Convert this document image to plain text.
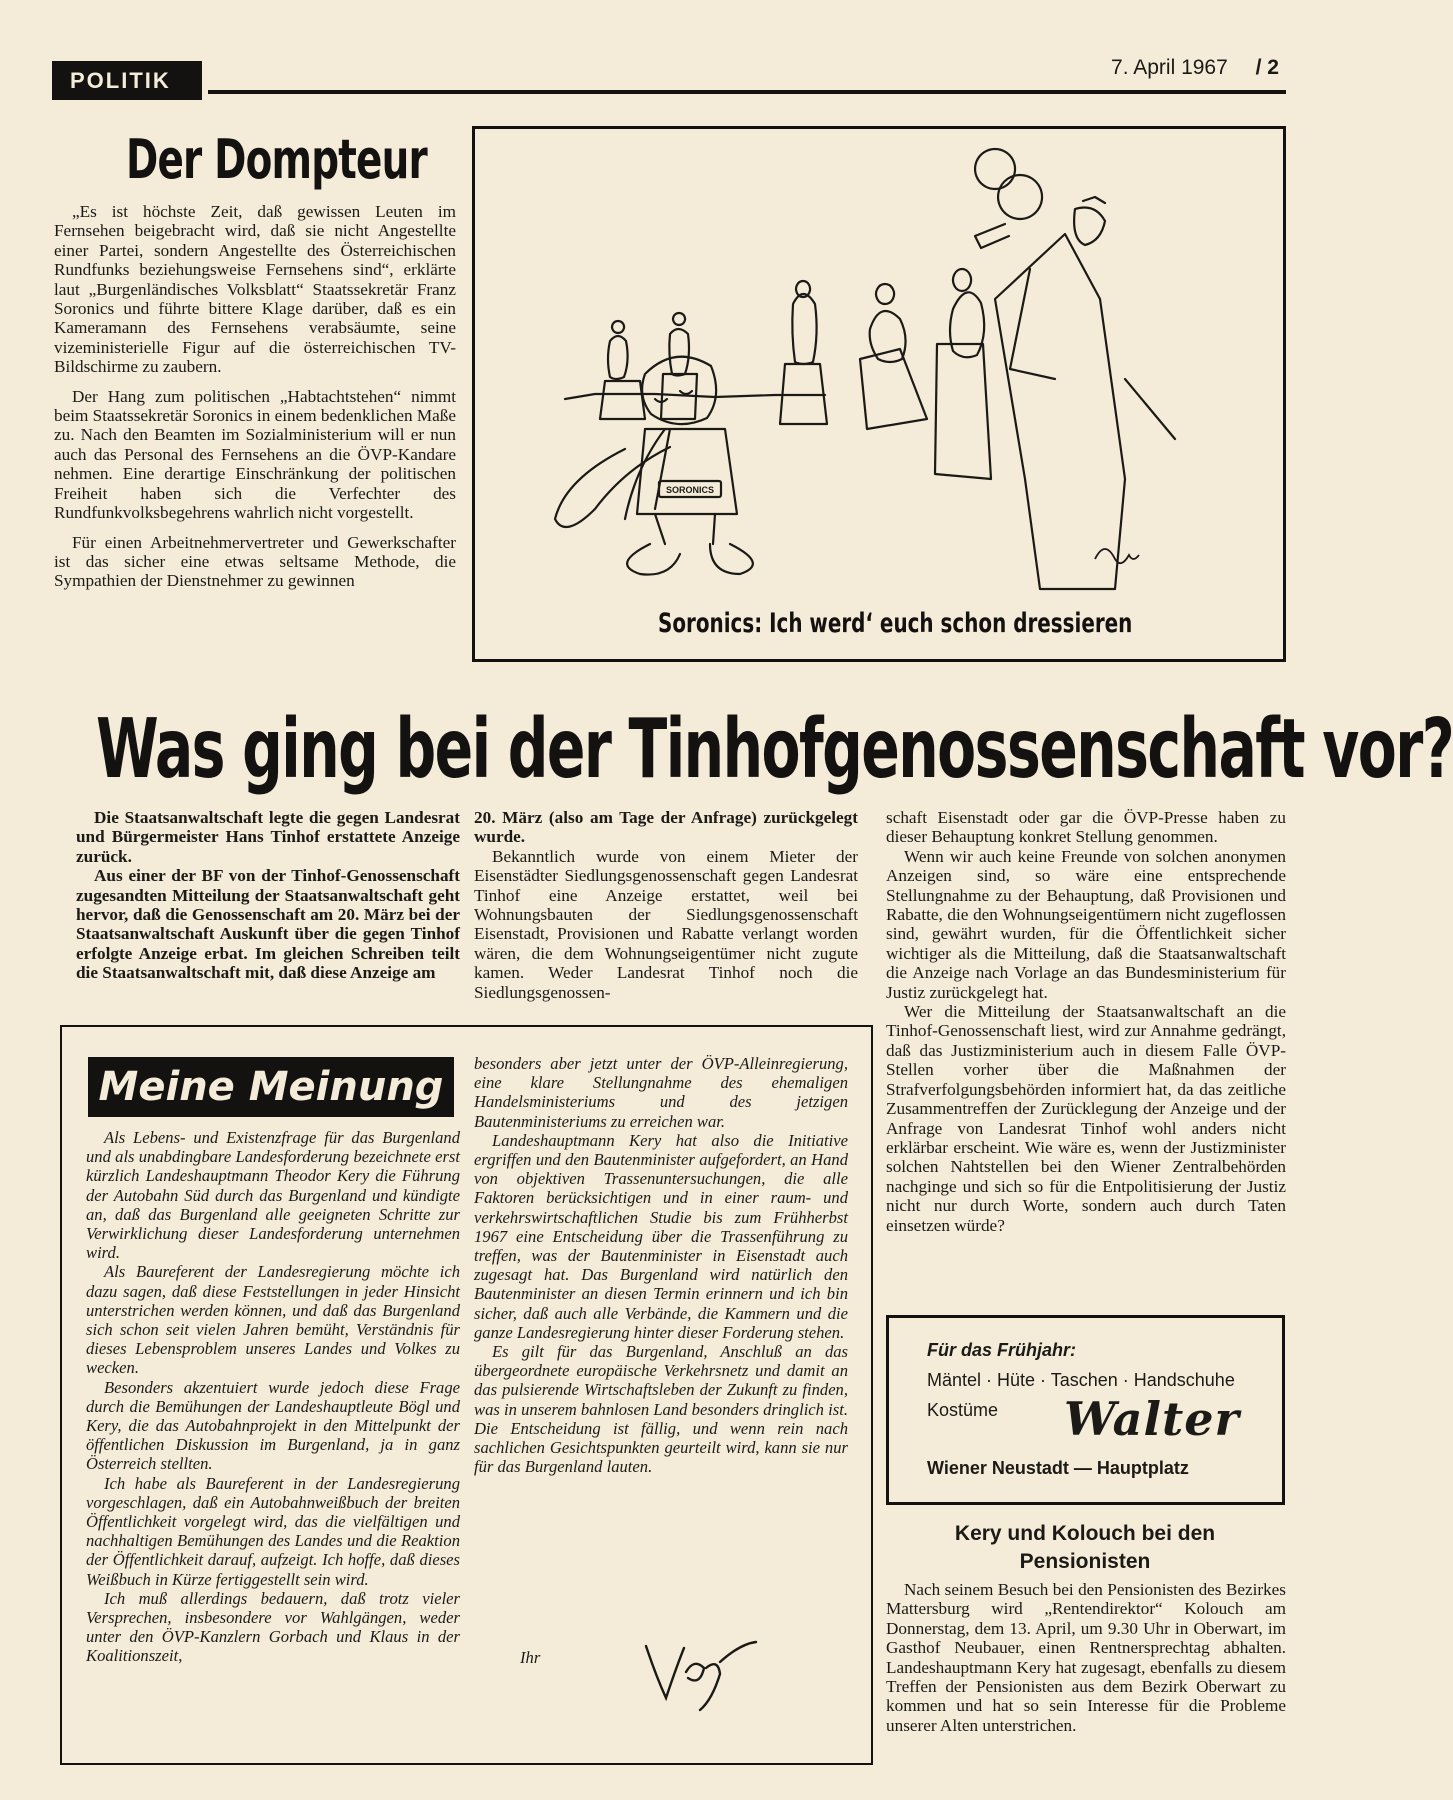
POLITIK
7. April 1967 / 2
Der Dompteur

„Es ist höchste Zeit, daß gewissen Leuten im Fernsehen beigebracht wird, daß sie nicht Angestellte einer Partei, sondern Angestellte des Österreichischen Rundfunks beziehungsweise Fernsehens sind“, erklärte laut „Burgenländisches Volksblatt“ Staatssekretär Franz Soronics und führte bittere Klage darüber, daß es ein Kameramann des Fernsehens verabsäumte, seine vizeministerielle Figur auf die österreichischen TV-Bildschirme zu zaubern.

Der Hang zum politischen „Habtachtstehen“ nimmt beim Staatssekretär Soronics in einem bedenklichen Maße zu. Nach den Beamten im Sozialministerium will er nun auch das Personal des Fernsehens an die ÖVP-Kandare nehmen. Eine derartige Einschränkung der politischen Freiheit haben sich die Verfechter des Rundfunkvolksbegehrens wahrlich nicht vorgestellt.

Für einen Arbeitnehmervertreter und Gewerkschafter ist das sicher eine etwas seltsame Methode, die Sympathien der Dienstnehmer zu gewinnen

SORONICS
Soronics: Ich werd‘ euch schon dressieren
Was ging bei der Tinhofgenossenschaft vor?

Die Staatsanwaltschaft legte die gegen Landesrat und Bürgermeister Hans Tinhof erstattete Anzeige zurück.

Aus einer der BF von der Tinhof-Genossenschaft zugesandten Mitteilung der Staatsanwaltschaft geht hervor, daß die Genossenschaft am 20. März bei der Staatsanwaltschaft Auskunft über die gegen Tinhof erfolgte Anzeige erbat. Im gleichen Schreiben teilt die Staatsanwaltschaft mit, daß diese Anzeige am

20. März (also am Tage der Anfrage) zurückgelegt wurde.

Bekanntlich wurde von einem Mieter der Eisenstädter Siedlungsgenossenschaft gegen Landesrat Tinhof eine Anzeige erstattet, weil bei Wohnungsbauten der Siedlungsgenossenschaft Eisenstadt, Provisionen und Rabatte verlangt worden wären, die dem Wohnungseigentümer nicht zugute kamen. Weder Landesrat Tinhof noch die Siedlungsgenossen-

schaft Eisenstadt oder gar die ÖVP-Presse haben zu dieser Behauptung konkret Stellung genommen.

Wenn wir auch keine Freunde von solchen anonymen Anzeigen sind, so wäre eine entsprechende Stellungnahme zu der Behauptung, daß Provisionen und Rabatte, die den Wohnungseigentümern nicht zugeflossen sind, gewährt wurden, für die Öffentlichkeit sicher wichtiger als die Mitteilung, daß die Staatsanwaltschaft die Anzeige nach Vorlage an das Bundesministerium für Justiz zurückgelegt hat.

Wer die Mitteilung der Staatsanwaltschaft an die Tinhof-Genossenschaft liest, wird zur Annahme gedrängt, daß das Justizministerium auch in diesem Falle ÖVP-Stellen vorher über die Maßnahmen der Strafverfolgungsbehörden informiert hat, da das zeitliche Zusammentreffen der Zurücklegung der Anzeige und der Anfrage von Landesrat Tinhof wohl anders nicht erklärbar erscheint. Wie wäre es, wenn der Justizminister solchen Nahtstellen bei den Wiener Zentralbehörden nachginge und sich so für die Entpolitisierung der Justiz nicht nur durch Worte, sondern auch durch Taten einsetzen würde?

Meine Meinung

Als Lebens- und Existenzfrage für das Burgenland und als unabdingbare Landesforderung bezeichnete erst kürzlich Landeshauptmann Theodor Kery die Führung der Autobahn Süd durch das Burgenland und kündigte an, daß das Burgenland alle geeigneten Schritte zur Verwirklichung dieser Landesforderung unternehmen wird.

Als Baureferent der Landesregierung möchte ich dazu sagen, daß diese Feststellungen in jeder Hinsicht unterstrichen werden können, und daß das Burgenland sich schon seit vielen Jahren bemüht, Verständnis für dieses Lebensproblem unseres Landes und Volkes zu wecken.

Besonders akzentuiert wurde jedoch diese Frage durch die Bemühungen der Landeshauptleute Bögl und Kery, die das Autobahnprojekt in den Mittelpunkt der öffentlichen Diskussion im Burgenland, ja in ganz Österreich stellten.

Ich habe als Baureferent in der Landesregierung vorgeschlagen, daß ein Autobahnweißbuch der breiten Öffentlichkeit vorgelegt wird, das die vielfältigen und nachhaltigen Bemühungen des Landes und die Reaktion der Öffentlichkeit darauf, aufzeigt. Ich hoffe, daß dieses Weißbuch in Kürze fertiggestellt sein wird.

Ich muß allerdings bedauern, daß trotz vieler Versprechen, insbesondere vor Wahlgängen, weder unter den ÖVP-Kanzlern Gorbach und Klaus in der Koalitionszeit,

besonders aber jetzt unter der ÖVP-Alleinregierung, eine klare Stellungnahme des ehemaligen Handelsministeriums und des jetzigen Bautenministeriums zu erreichen war.

Landeshauptmann Kery hat also die Initiative ergriffen und den Bautenminister aufgefordert, an Hand von objektiven Trassenuntersuchungen, die alle Faktoren berücksichtigen und in einer raum- und verkehrswirtschaftlichen Studie bis zum Frühherbst 1967 eine Entscheidung über die Trassenführung zu treffen, was der Bautenminister in Eisenstadt auch zugesagt hat. Das Burgenland wird natürlich den Bautenminister an diesen Termin erinnern und ich bin sicher, daß auch alle Verbände, die Kammern und die ganze Landesregierung hinter dieser Forderung stehen.

Es gilt für das Burgenland, Anschluß an das übergeordnete europäische Verkehrsnetz und damit an das pulsierende Wirtschaftsleben der Zukunft zu finden, was in unserem bahnlosen Land besonders dringlich ist. Die Entscheidung ist fällig, und wenn rein nach sachlichen Gesichtspunkten geurteilt wird, kann sie nur für das Burgenland lauten.

Ihr
Für das Frühjahr:
Mäntel · Hüte · Taschen · Handschuhe
Kostüme Walter
Wiener Neustadt — Hauptplatz
Kery und Kolouch bei den
Pensionisten

Nach seinem Besuch bei den Pensionisten des Bezirkes Mattersburg wird „Rentendirektor“ Kolouch am Donnerstag, dem 13. April, um 9.30 Uhr in Oberwart, im Gasthof Neubauer, einen Rentnersprechtag abhalten. Landeshauptmann Kery hat zugesagt, ebenfalls zu diesem Treffen der Pensionisten aus dem Bezirk Oberwart zu kommen und hat so sein Interesse für die Probleme unserer Alten unterstrichen.
